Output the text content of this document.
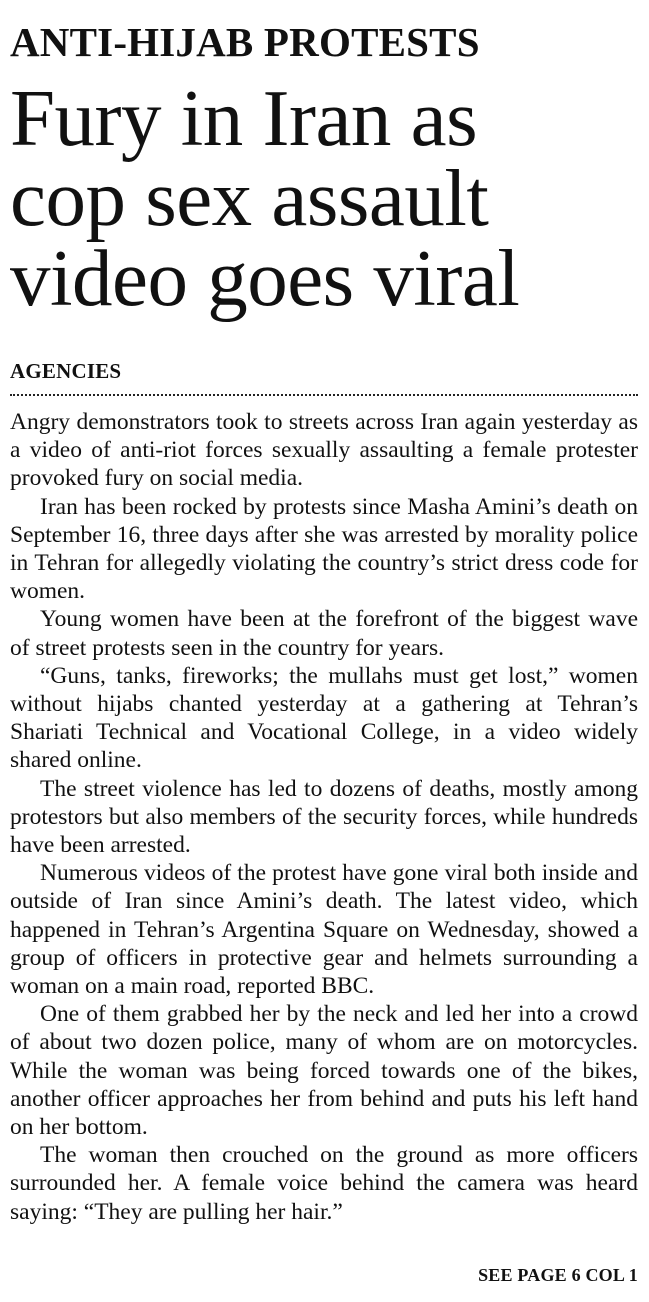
ANTI-HIJAB PROTESTS
Fury in Iran as
cop sex assault
video goes viral
AGENCIES

Angry demonstrators took to streets across Iran again yesterday as a video of anti-riot forces sexually assaulting a female protester provoked fury on social media.

Iran has been rocked by protests since Masha Amini’s death on September 16, three days after she was arrested by morality police in Tehran for allegedly violating the country’s strict dress code for women.

Young women have been at the forefront of the biggest wave of street protests seen in the country for years.

“Guns, tanks, fireworks; the mullahs must get lost,” women without hijabs chanted yesterday at a gathering at Tehran’s Shariati Technical and Vocational College, in a video widely shared online.

The street violence has led to dozens of deaths, mostly among protestors but also members of the security forces, while hundreds have been arrested.

Numerous videos of the protest have gone viral both inside and outside of Iran since Amini’s death. The latest video, which happened in Tehran’s Argentina Square on Wednesday, showed a group of officers in protective gear and helmets surrounding a woman on a main road, reported BBC.

One of them grabbed her by the neck and led her into a crowd of about two dozen police, many of whom are on motorcycles. While the woman was being forced towards one of the bikes, another officer approaches her from behind and puts his left hand on her bottom.

The woman then crouched on the ground as more officers surrounded her. A female voice behind the camera was heard saying: “They are pulling her hair.”

SEE PAGE 6 COL 1
